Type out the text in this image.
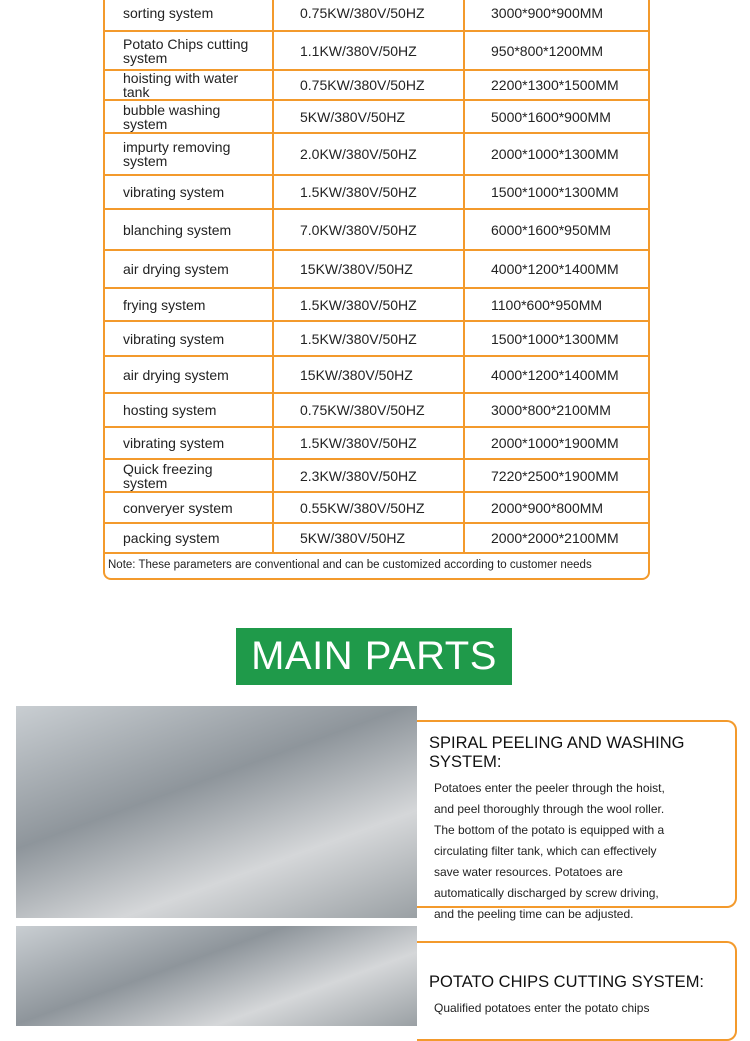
sorting system	0.75KW/380V/50HZ	3000*900*900MM
Potato Chips cutting system	1.1KW/380V/50HZ	950*800*1200MM
hoisting with water tank	0.75KW/380V/50HZ	2200*1300*1500MM
bubble washing system	5KW/380V/50HZ	5000*1600*900MM
impurty removing system	2.0KW/380V/50HZ	2000*1000*1300MM
vibrating system	1.5KW/380V/50HZ	1500*1000*1300MM
blanching system	7.0KW/380V/50HZ	6000*1600*950MM
air drying system	15KW/380V/50HZ	4000*1200*1400MM
frying system	1.5KW/380V/50HZ	1100*600*950MM
vibrating system	1.5KW/380V/50HZ	1500*1000*1300MM
air drying system	15KW/380V/50HZ	4000*1200*1400MM
hosting system	0.75KW/380V/50HZ	3000*800*2100MM
vibrating system	1.5KW/380V/50HZ	2000*1000*1900MM
Quick freezing system	2.3KW/380V/50HZ	7220*2500*1900MM
converyer system	0.55KW/380V/50HZ	2000*900*800MM
packing system	5KW/380V/50HZ	2000*2000*2100MM
Note: These parameters are conventional and can be customized according to customer needs
MAIN PARTS
SPIRAL PEELING AND WASHING SYSTEM:

Potatoes enter the peeler through the hoist,
and peel thoroughly through the wool roller.
The bottom of the potato is equipped with a
circulating filter tank, which can effectively
save water resources. Potatoes are
automatically discharged by screw driving,
and the peeling time can be adjusted.

POTATO CHIPS CUTTING SYSTEM:

Qualified potatoes enter the potato chips
